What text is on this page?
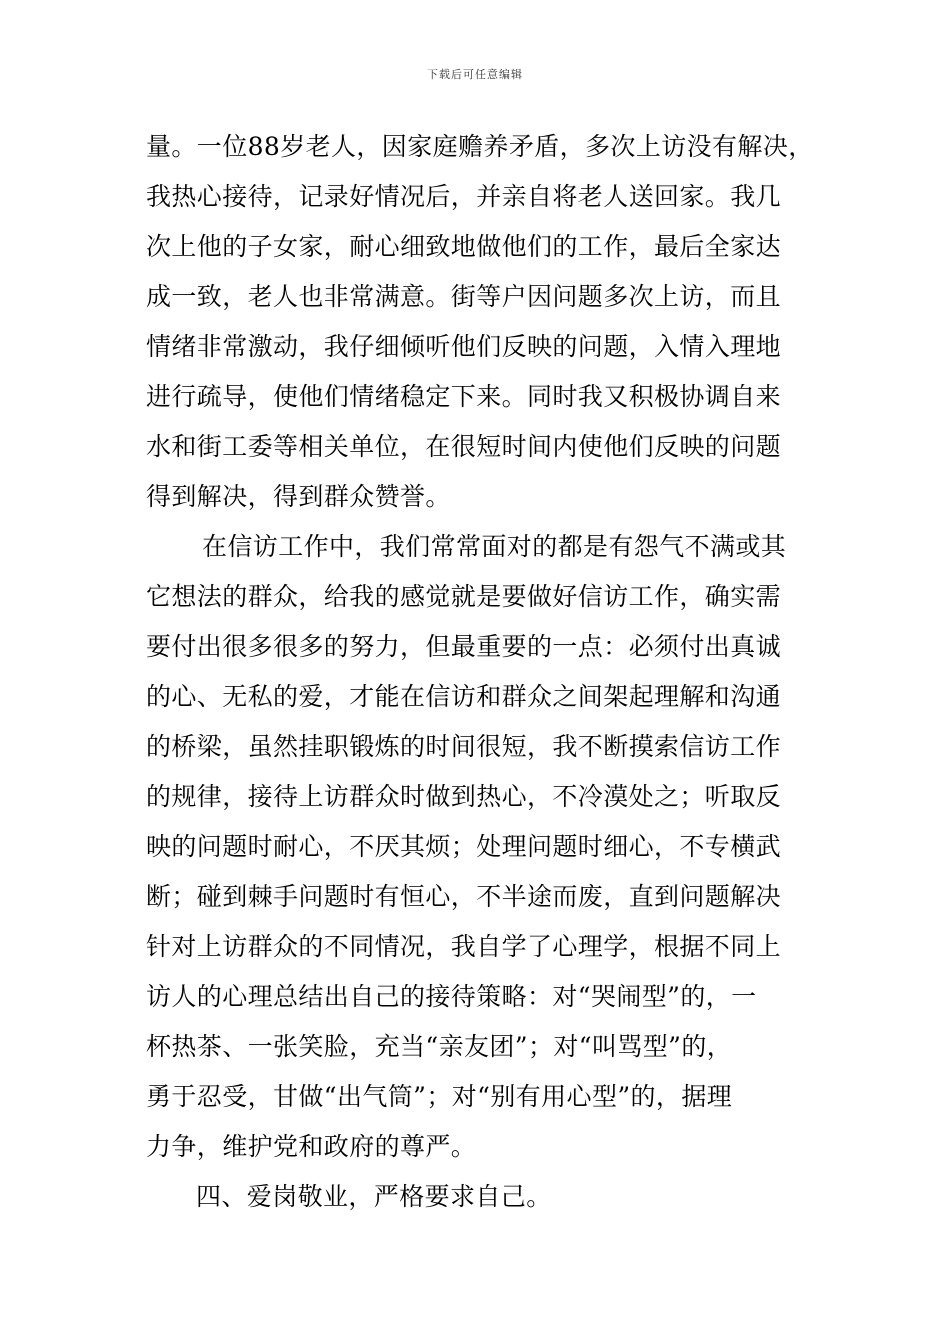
下载后可任意编辑
量。一位88岁老人，因家庭赡养矛盾，多次上访没有解决，
我热心接待，记录好情况后，并亲自将老人送回家。我几
次上他的子女家，耐心细致地做他们的工作，最后全家达
成一致，老人也非常满意。街等户因问题多次上访，而且
情绪非常激动，我仔细倾听他们反映的问题，入情入理地
进行疏导，使他们情绪稳定下来。同时我又积极协调自来
水和街工委等相关单位，在很短时间内使他们反映的问题
得到解决，得到群众赞誉。
在信访工作中，我们常常面对的都是有怨气不满或其
它想法的群众，给我的感觉就是要做好信访工作，确实需
要付出很多很多的努力，但最重要的一点：必须付出真诚
的心、无私的爱，才能在信访和群众之间架起理解和沟通
的桥梁，虽然挂职锻炼的时间很短，我不断摸索信访工作
的规律，接待上访群众时做到热心，不冷漠处之；听取反
映的问题时耐心，不厌其烦；处理问题时细心，不专横武
断；碰到棘手问题时有恒心，不半途而废，直到问题解决
针对上访群众的不同情况，我自学了心理学，根据不同上
访人的心理总结出自己的接待策略：对“哭闹型”的，一
杯热茶、一张笑脸，充当“亲友团”；对“叫骂型”的，
勇于忍受，甘做“出气筒”；对“别有用心型”的，据理
力争，维护党和政府的尊严。
四、爱岗敬业，严格要求自己。
